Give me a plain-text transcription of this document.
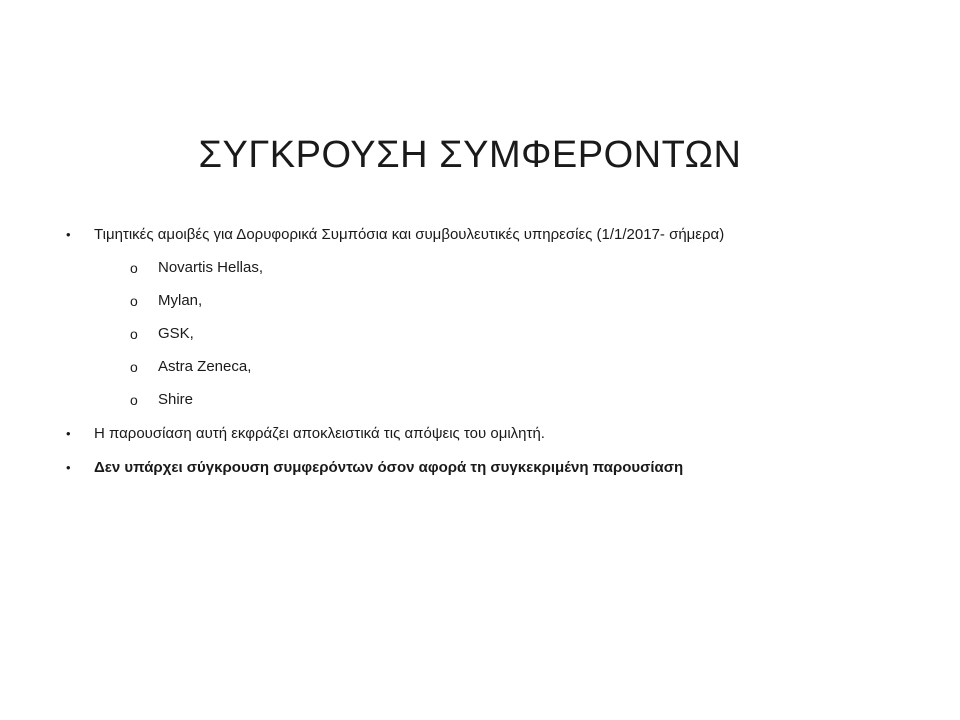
ΣΥΓΚΡΟΥΣΗ ΣΥΜΦΕΡΟΝΤΩΝ
• Τιμητικές αμοιβές για Δορυφορικά Συμπόσια και συμβουλευτικές υπηρεσίες (1/1/2017- σήμερα)
o Novartis Hellas,
o Mylan,
o GSK,
o Astra Zeneca,
o Shire
• Η παρουσίαση αυτή εκφράζει αποκλειστικά τις απόψεις του ομιλητή.
• Δεν υπάρχει σύγκρουση συμφερόντων όσον αφορά τη συγκεκριμένη παρουσίαση
